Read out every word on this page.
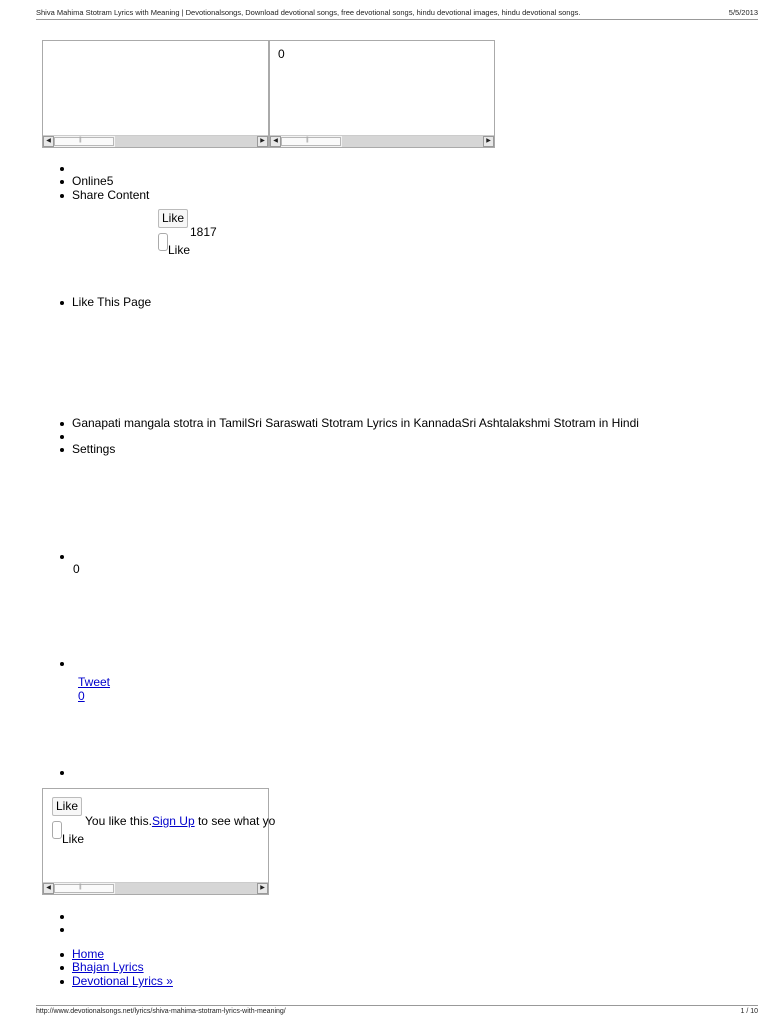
Shiva Mahima Stotram Lyrics with Meaning | Devotionalsongs, Download devotional songs, free devotional songs, hindu devotional images, hindu devotional songs.	5/5/2013
◀	|||	▶
0
◀	|||	▶
Online5
Share Content
Like
1817
Like
Like This Page
Ganapati mangala stotra in TamilSri Saraswati Stotram Lyrics in KannadaSri Ashtalakshmi Stotram in Hindi
Settings
0
Tweet
0
Like
You like this.Sign Up to see what yo
Like
◀	|||	▶
Home
Bhajan Lyrics
Devotional Lyrics »
http://www.devotionalsongs.net/lyrics/shiva-mahima-stotram-lyrics-with-meaning/	1 / 10
